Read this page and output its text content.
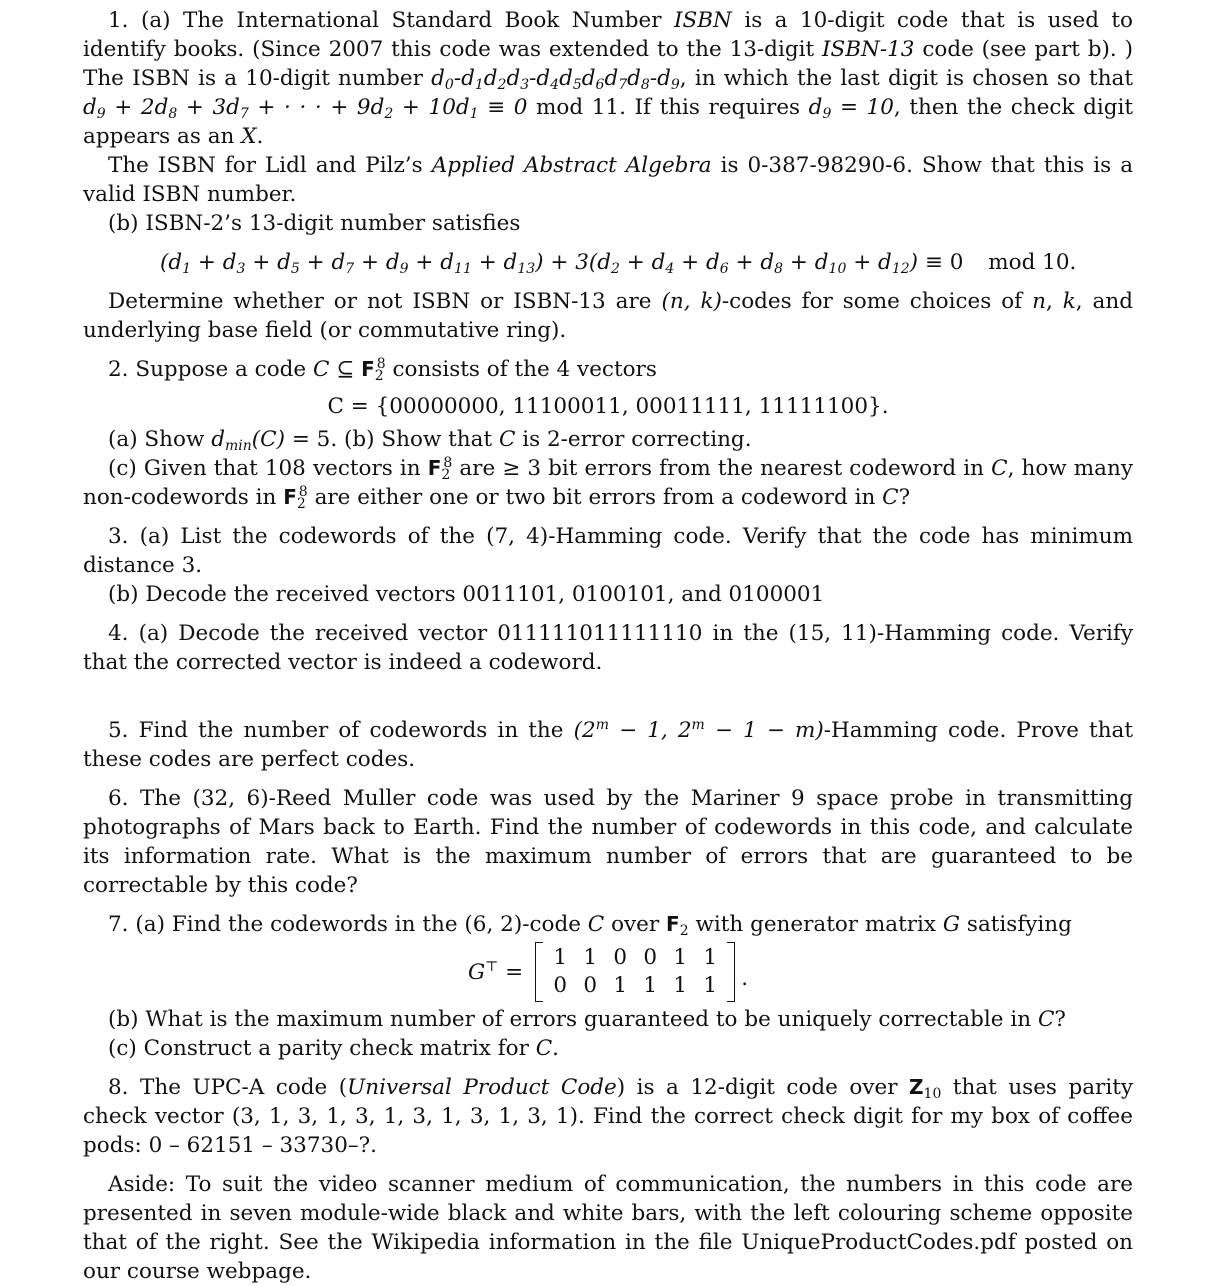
1. (a) The International Standard Book Number ISBN is a 10-digit code that is used to identify books. (Since 2007 this code was extended to the 13-digit ISBN-13 code (see part b). ) The ISBN is a 10-digit number $d_0-d_1d_2d_3-d_4d_5d_6d_7d_8-d_9$, in which the last digit is chosen so that $d_9 + 2d_8 + 3d_7$ + · · · + $9d_2 + 10d_1 \equiv 0$ mod 11. If this requires $d_9 = 10$, then the check digit appears as an X.

The ISBN for Lidl and Pilz’s Applied Abstract Algebra is 0-387-98290-6. Show that this is a valid ISBN number.

(b) ISBN-2’s 13-digit number satisfies

$(d_1 + d_3 + d_5 + d_7 + d_9 + d_{11} + d_{13}) + 3(d_2 + d_4 + d_6 + d_8 + d_{10} + d_{12}) \equiv 0$ mod 10.

Determine whether or not ISBN or ISBN-13 are (n, k)-codes for some choices of n, k, and underlying base field (or commutative ring).

2. Suppose a code C ⊆ $F_2^8$ consists of the 4 vectors

C = {00000000, 11100011, 00011111, 11111100}.

(a) Show $d_{min}(C) = 5$. (b) Show that C is 2-error correcting.

(c) Given that 108 vectors in $F_2^8$ are ≥ 3 bit errors from the nearest codeword in C, how many non-codewords in $F_2^8$ are either one or two bit errors from a codeword in C?

3. (a) List the codewords of the (7, 4)-Hamming code. Verify that the code has minimum distance 3.

(b) Decode the received vectors 0011101, 0100101, and 0100001

4. (a) Decode the received vector 011111011111110 in the (15, 11)-Hamming code. Verify that the corrected vector is indeed a codeword.

5. Find the number of codewords in the ($2^m - 1$, $2^m - 1 - m)-Hamming$ code. Prove that these codes are perfect codes.

6. The (32, 6)-Reed Muller code was used by the Mariner 9 space probe in transmitting photographs of Mars back to Earth. Find the number of codewords in this code, and calculate its information rate. What is the maximum number of errors that are guaranteed to be correctable by this code?

7. (a) Find the codewords in the (6, 2)-code C over $F_2$ with generator matrix G satisfying

G⊤ =
1 1 0 0 1 1
0 0 1 1 1 1	.

(b) What is the maximum number of errors guaranteed to be uniquely correctable in C?

(c) Construct a parity check matrix for C.

8. The UPC-A code (Universal Product Code) is a 12-digit code over $Z_{10}$ that uses parity check vector (3, 1, 3, 1, 3, 1, 3, 1, 3, 1, 3, 1). Find the correct check digit for my box of coffee pods: 0 – 62151 – 33730–?.

Aside: To suit the video scanner medium of communication, the numbers in this code are presented in seven module-wide black and white bars, with the left colouring scheme opposite that of the right. See the Wikipedia information in the file UniqueProductCodes.pdf posted on our course webpage.
